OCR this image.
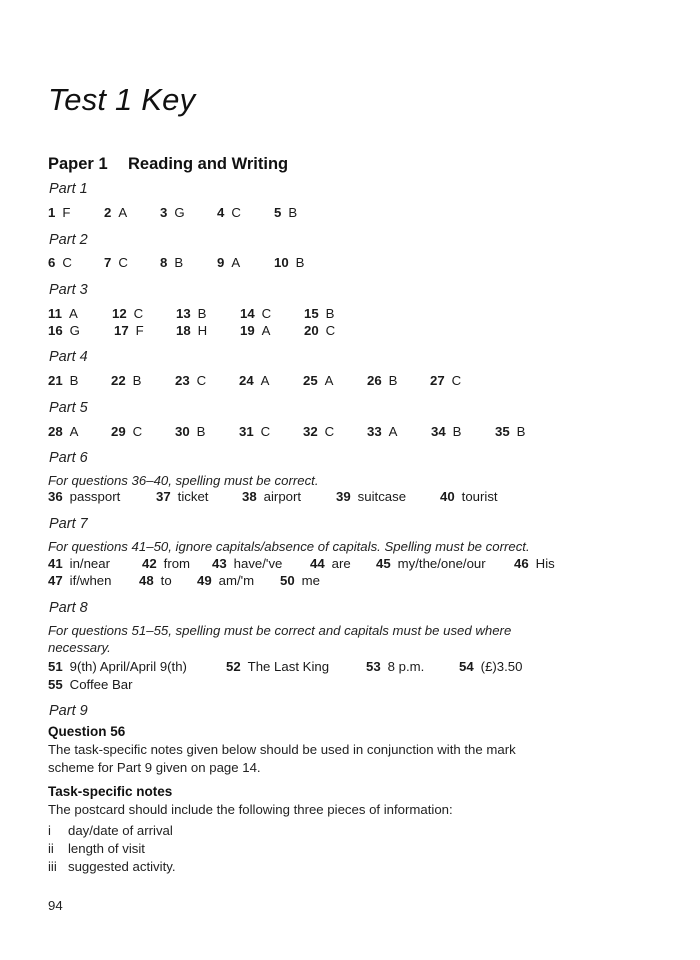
Test 1 Key
Paper 1 Reading and Writing
Part 1
1 F	2 A 3 G 4 C	5 B
Part 2
6 C 7 C 8 B	9 A	10 B
Part 3
11 A	12 C 13 B	14 C 15 B
16 G	17 F 18 H 19 A	20 C
Part 4
21 B 22 B	23 C 24 A	25 A	26 B 27 C
Part 5
28 A 29 C 30 B	31 C 32 C 33 A	34 B	35 B
Part 6
For questions 36–40, spelling must be correct.
36 passport	37 ticket	38 airport	39 suitcase	40 tourist
Part 7
For questions 41–50, ignore capitals/absence of capitals. Spelling must be correct.
41 in/near 42 from 43 have/'ve 44 are 45 my/the/one/our 46 His
47 if/when 48 to 49 am/'m 50 me
Part 8
For questions 51–55, spelling must be correct and capitals must be used where
necessary.
51 9(th) April/April 9(th)	52 The Last King	53 8 p.m.	54 (£)3.50
55 Coffee Bar
Part 9
Question 56
The task-specific notes given below should be used in conjunction with the mark
scheme for Part 9 given on page 14.
Task-specific notes
The postcard should include the following three pieces of information:
i day/date of arrival
ii length of visit
iii suggested activity.
94
